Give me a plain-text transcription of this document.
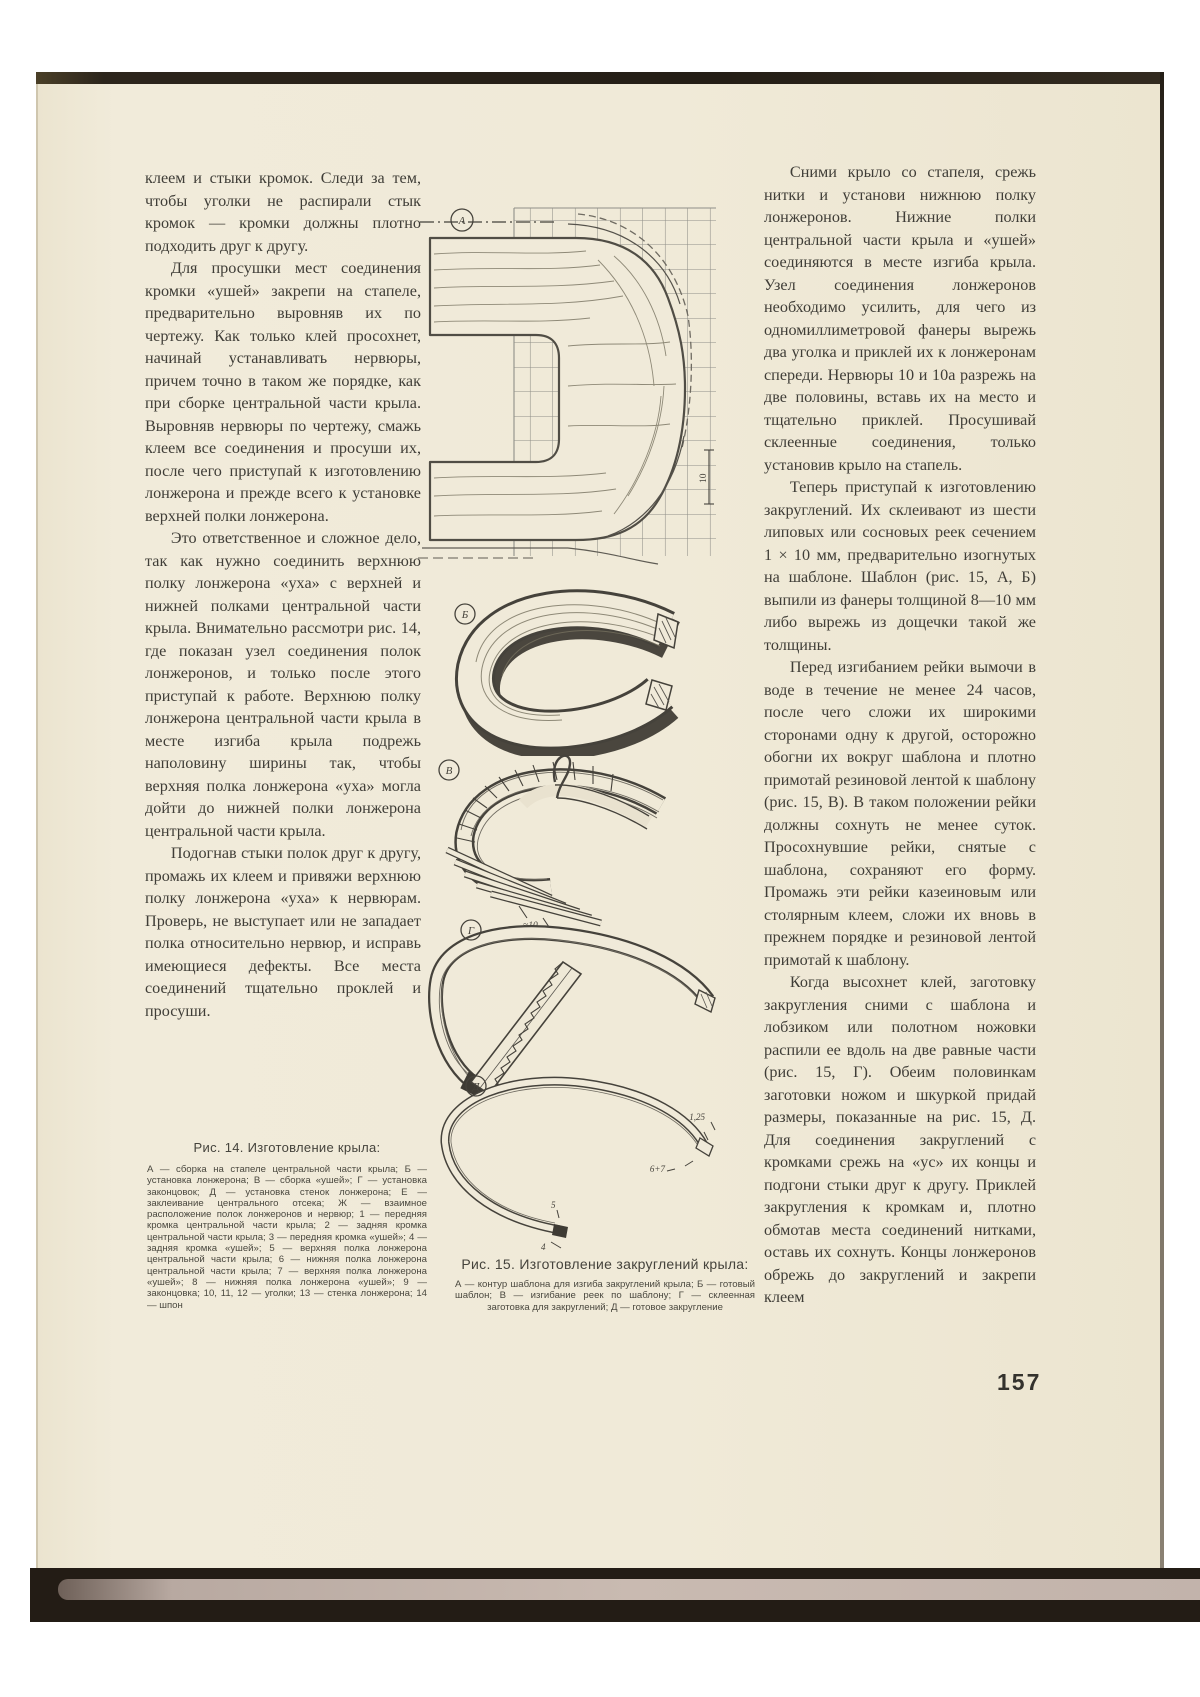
клеем и стыки кромок. Следи за тем, чтобы уголки не распирали стык кромок — кромки должны плотно подходить друг к другу.

Для просушки мест соединения кромки «ушей» закрепи на стапеле, предварительно выровняв их по чертежу. Как только клей просохнет, начинай устанавливать нервюры, причем точно в таком же порядке, как при сборке центральной части крыла. Выровняв нервюры по чертежу, смажь клеем все соединения и просуши их, после чего приступай к изготовлению лонжерона и прежде всего к установке верхней полки лонжерона.

Это ответственное и сложное дело, так как нужно соединить верхнюю полку лонжерона «уха» с верхней и нижней полками центральной части крыла. Внимательно рассмотри рис. 14, где показан узел соединения полок лонжеронов, и только после этого приступай к работе. Верхнюю полку лонжерона центральной части крыла в месте изгиба крыла подрежь наполовину ширины так, чтобы верхняя полка лонжерона «уха» могла дойти до нижней полки лонжерона центральной части крыла.

Подогнав стыки полок друг к другу, промажь их клеем и привяжи верхнюю полку лонжерона «уха» к нервюрам. Проверь, не выступает или не западает полка относительно нервюр, и исправь имеющиеся дефекты. Все места соединений тщательно проклей и просуши.

Сними крыло со стапеля, срежь нитки и установи нижнюю полку лонжеронов. Нижние полки центральной части крыла и «ушей» соединяются в месте изгиба крыла. Узел соединения лонжеронов необходимо усилить, для чего из одномиллиметровой фанеры вырежь два уголка и приклей их к лонжеронам спереди. Нервюры 10 и 10а разрежь на две половины, вставь их на место и тщательно приклей. Просушивай склеенные соединения, только установив крыло на стапель.

Теперь приступай к изготовлению закруглений. Их склеивают из шести липовых или сосновых реек сечением 1 × 10 мм, предварительно изогнутых на шаблоне. Шаблон (рис. 15, А, Б) выпили из фанеры толщиной 8—10 мм либо вырежь из дощечки такой же толщины.

Перед изгибанием рейки вымочи в воде в течение не менее 24 часов, после чего сложи их широкими сторонами одну к другой, осторожно обогни их вокруг шаблона и плотно примотай резиновой лентой к шаблону (рис. 15, В). В таком положении рейки должны сохнуть не менее суток. Просохнувшие рейки, снятые с шаблона, сохраняют его форму. Промажь эти рейки казеиновым или столярным клеем, сложи их вновь в прежнем порядке и резиновой лентой примотай к шаблону.

Когда высохнет клей, заготовку закругления сними с шаблона и лобзиком или полотном ножовки распили ее вдоль на две равные части (рис. 15, Г). Обеим половинкам заготовки ножом и шкуркой придай размеры, показанные на рис. 15, Д. Для соединения закруглений с кромками срежь на «ус» их концы и подгони стыки друг к другу. Приклей закругления к кромкам и, плотно обмотав места соединений нитками, оставь их сохнуть. Концы лонжеронов обрежь до закруглений и закрепи клеем

10
А
Б
≈10
В
Г
1,25
6+7
5
4
Д
Рис. 14. Изготовление крыла:

А — сборка на стапеле центральной части крыла; Б — установка лонжерона; В — сборка «ушей»; Г — установка законцовок; Д — установка стенок лонжерона; Е — заклеивание центрального отсека; Ж — взаимное расположение полок лонжеронов и нервюр; 1 — передняя кромка центральной части крыла; 2 — задняя кромка центральной части крыла; 3 — передняя кромка «ушей»; 4 — задняя кромка «ушей»; 5 — верхняя полка лонжерона центральной части крыла; 6 — нижняя полка лонжерона центральной части крыла; 7 — верхняя полка лонжерона «ушей»; 8 — нижняя полка лонжерона «ушей»; 9 — законцовка; 10, 11, 12 — уголки; 13 — стенка лонжерона; 14 — шпон

Рис. 15. Изготовление закруглений крыла:

А — контур шаблона для изгиба закруглений крыла; Б — готовый шаблон; В — изгибание реек по шаблону; Г — склеенная заготовка для закруглений; Д — готовое закругление

157
